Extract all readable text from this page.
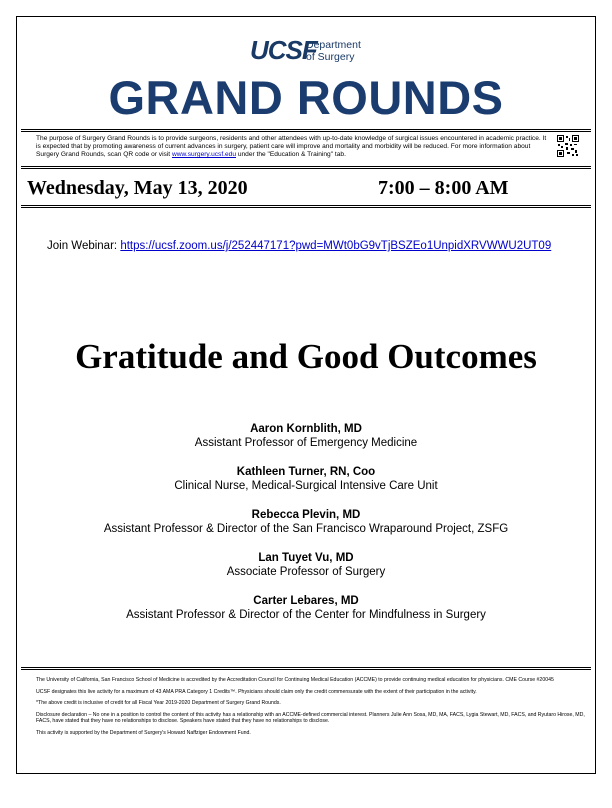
UCSF
Department
of Surgery
GRAND ROUNDS
The purpose of Surgery Grand Rounds is to provide surgeons, residents and other attendees with up-to-date knowledge of surgical issues encountered in academic practice. It is expected that by promoting awareness of current advances in surgery, patient care will improve and mortality and morbidity will be reduced. For more information about Surgery Grand Rounds, scan QR code or visit www.surgery.ucsf.edu under the "Education & Training" tab.
Wednesday, May 13, 2020	7:00 – 8:00 AM
Join Webinar: https://ucsf.zoom.us/j/252447171?pwd=MWt0bG9vTjBSZEo1UnpidXRVWWU2UT09
Gratitude and Good Outcomes
Aaron Kornblith, MD
Assistant Professor of Emergency Medicine
Kathleen Turner, RN, Coo
Clinical Nurse, Medical-Surgical Intensive Care Unit
Rebecca Plevin, MD
Assistant Professor & Director of the San Francisco Wraparound Project, ZSFG
Lan Tuyet Vu, MD
Associate Professor of Surgery
Carter Lebares, MD
Assistant Professor & Director of the Center for Mindfulness in Surgery

The University of California, San Francisco School of Medicine is accredited by the Accreditation Council for Continuing Medical Education (ACCME) to provide continuing medical education for physicians. CME Course #20045

UCSF designates this live activity for a maximum of 43 AMA PRA Category 1 Credits™. Physicians should claim only the credit commensurate with the extent of their participation in the activity.

*The above credit is inclusive of credit for all Fiscal Year 2019-2020 Department of Surgery Grand Rounds.

Disclosure declaration – No one in a position to control the content of this activity has a relationship with an ACCME-defined commercial interest. Planners Julie Ann Sosa, MD, MA, FACS, Lygia Stewart, MD, FACS, and Ryutaro Hirose, MD, FACS, have stated that they have no relationships to disclose. Speakers have stated that they have no relationships to disclose.

This activity is supported by the Department of Surgery's Howard Naffziger Endowment Fund.
